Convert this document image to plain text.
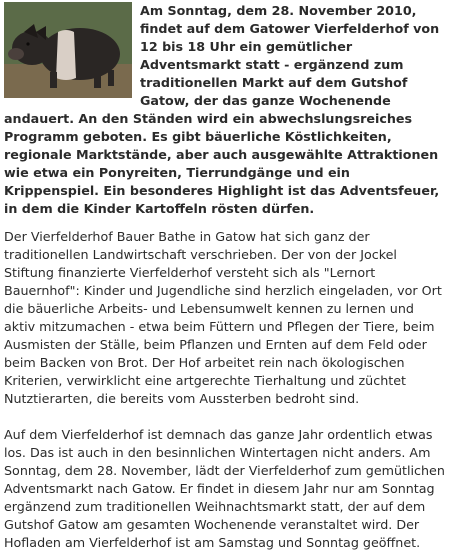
Am Sonntag, dem 28. November 2010, findet auf dem Gatower Vierfelderhof von 12 bis 18 Uhr ein gemütlicher Adventsmarkt statt - ergänzend zum traditionellen Markt auf dem Gutshof Gatow, der das ganze Wochenende andauert. An den Ständen wird ein abwechslungsreiches Programm geboten. Es gibt bäuerliche Köstlichkeiten, regionale Marktstände, aber auch ausgewählte Attraktionen wie etwa ein Ponyreiten, Tierrundgänge und ein Krippenspiel. Ein besonderes Highlight ist das Adventsfeuer, in dem die Kinder Kartoffeln rösten dürfen.

Der Vierfelderhof Bauer Bathe in Gatow hat sich ganz der traditionellen Landwirtschaft verschrieben. Der von der Jockel Stiftung finanzierte Vierfelderhof versteht sich als "Lernort Bauernhof": Kinder und Jugendliche sind herzlich eingeladen, vor Ort die bäuerliche Arbeits- und Lebensumwelt kennen zu lernen und aktiv mitzumachen - etwa beim Füttern und Pflegen der Tiere, beim Ausmisten der Ställe, beim Pflanzen und Ernten auf dem Feld oder beim Backen von Brot. Der Hof arbeitet rein nach ökologischen Kriterien, verwirklicht eine artgerechte Tierhaltung und züchtet Nutztierarten, die bereits vom Aussterben bedroht sind.

Auf dem Vierfelderhof ist demnach das ganze Jahr ordentlich etwas los. Das ist auch in den besinnlichen Wintertagen nicht anders. Am Sonntag, dem 28. November, lädt der Vierfelderhof zum gemütlichen Adventsmarkt nach Gatow. Er findet in diesem Jahr nur am Sonntag ergänzend zum traditionellen Weihnachtsmarkt statt, der auf dem Gutshof Gatow am gesamten Wochenende veranstaltet wird. Der Hofladen am Vierfelderhof ist am Samstag und Sonntag geöffnet.
